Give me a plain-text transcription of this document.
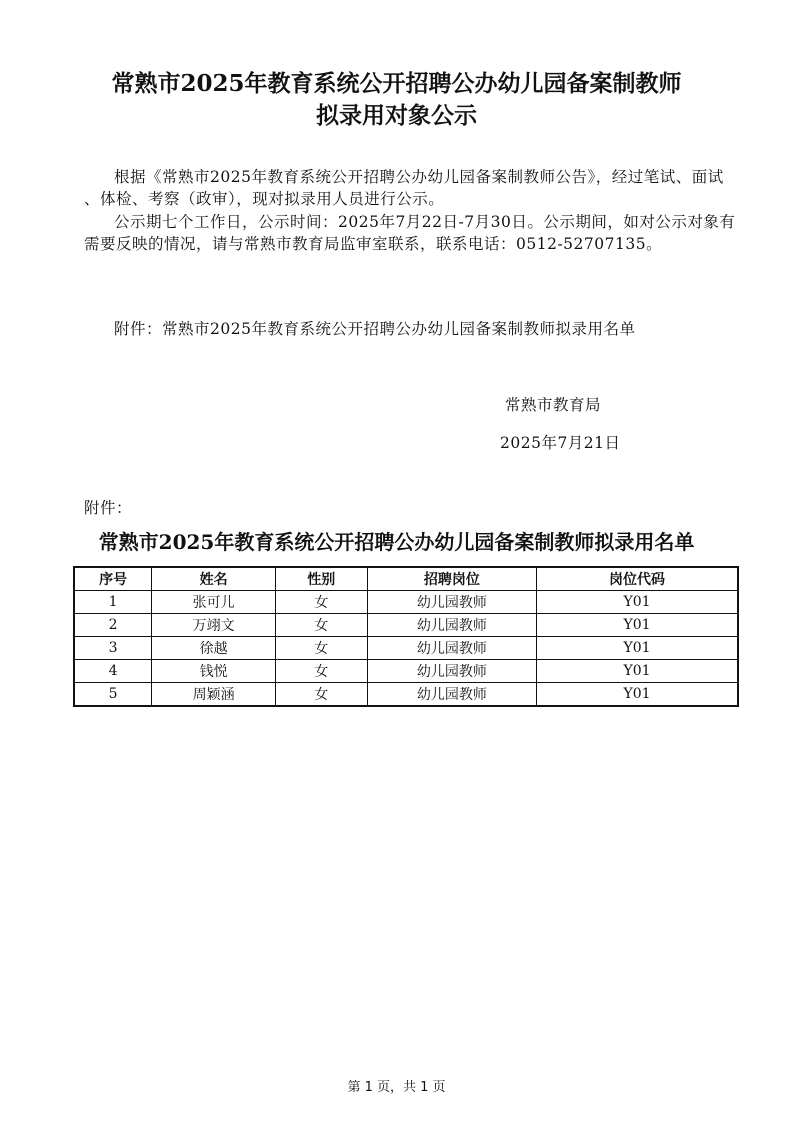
常熟市2025年教育系统公开招聘公办幼儿园备案制教师
拟录用对象公示
根据《常熟市2025年教育系统公开招聘公办幼儿园备案制教师公告》，经过笔试、面试 、体检、考察（政审），现对拟录用人员进行公示。
公示期七个工作日，公示时间：2025年7月22日-7月30日。公示期间，如对公示对象有需要反映的情况，请与常熟市教育局监审室联系，联系电话：0512-52707135。
附件：常熟市2025年教育系统公开招聘公办幼儿园备案制教师拟录用名单
常熟市教育局
2025年7月21日
附件：
常熟市2025年教育系统公开招聘公办幼儿园备案制教师拟录用名单
序号	姓名	性别	招聘岗位	岗位代码
1	张可儿	女	幼儿园教师	Y01
2	万翊文	女	幼儿园教师	Y01
3	徐越	女	幼儿园教师	Y01
4	钱悦	女	幼儿园教师	Y01
5	周颖涵	女	幼儿园教师	Y01
第 1 页，共 1 页
